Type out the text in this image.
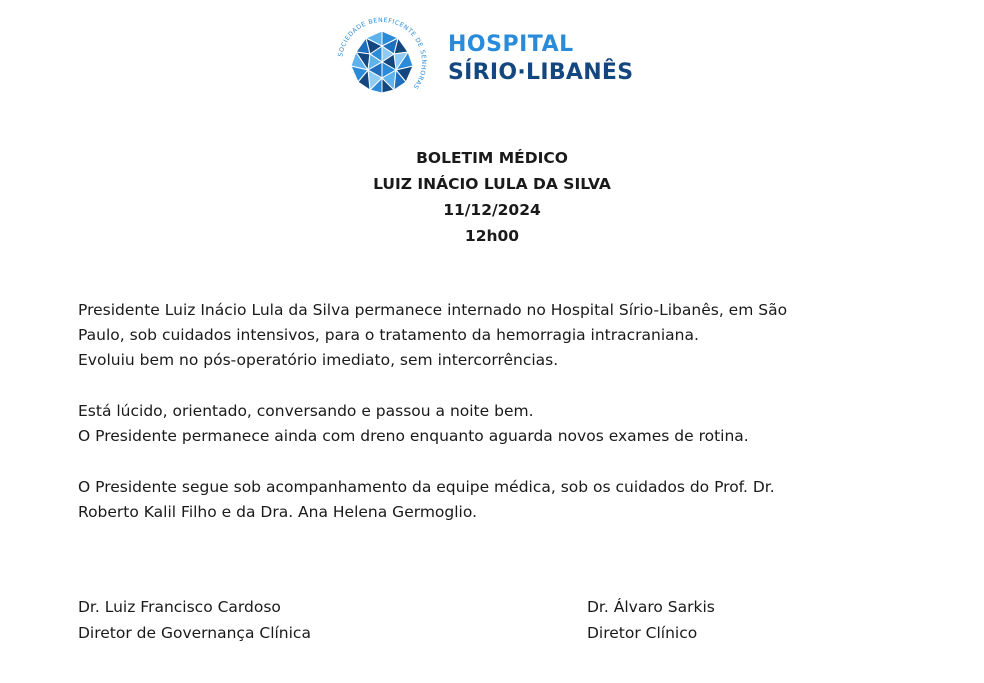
SOCIEDADE BENEFICENTE DE SENHORAS
HOSPITAL
SÍRIO·LIBANÊS
BOLETIM MÉDICO
LUIZ INÁCIO LULA DA SILVA
11/12/2024
12h00

Presidente Luiz Inácio Lula da Silva permanece internado no Hospital Sírio-Libanês, em São
Paulo, sob cuidados intensivos, para o tratamento da hemorragia intracraniana.
Evoluiu bem no pós-operatório imediato, sem intercorrências.

Está lúcido, orientado, conversando e passou a noite bem.
O Presidente permanece ainda com dreno enquanto aguarda novos exames de rotina.

O Presidente segue sob acompanhamento da equipe médica, sob os cuidados do Prof. Dr.
Roberto Kalil Filho e da Dra. Ana Helena Germoglio.

Dr. Luiz Francisco Cardoso
Diretor de Governança Clínica
Dr. Álvaro Sarkis
Diretor Clínico
